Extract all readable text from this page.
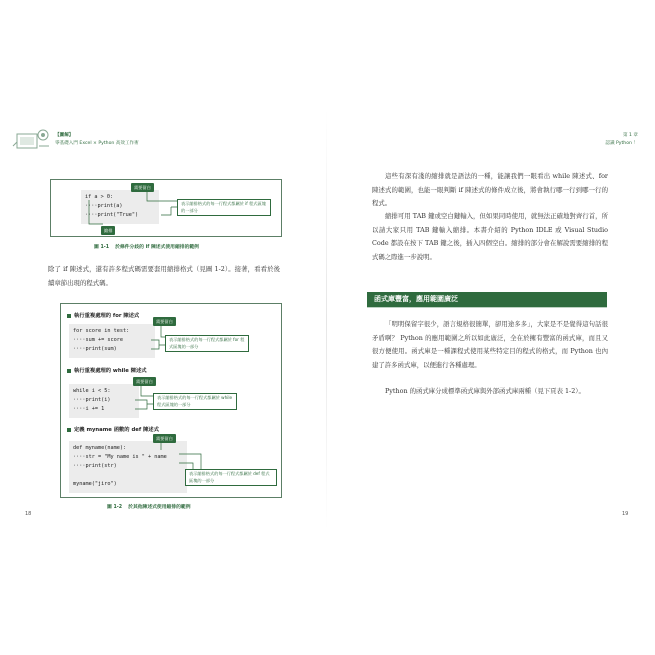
【圖解】
零基礎入門 Excel × Python 高效工作術
if a > 0:
····print(a)
····print("True")
需要留白
縮排
表示縮排格式的每一行程式都屬於 if 程式區塊的一部分
圖 1-1 於條件分歧的 if 陳述式使用縮排的範例
除了 if 陳述式，還有許多程式碼需要套用縮排格式（見圖 1-2）。接著，看看於後續章節出現的程式碼。
執行重複處理的 for 陳述式
for score in test:
····sum += score
····print(sum)
需要留白
表示縮排格式的每一行程式都屬於 for 程式區塊的一部分
執行重複處理的 while 陳述式
while i < 5:
····print(i)
····i += 1
需要留白
表示縮排格式的每一行程式都屬於 while 程式區塊的一部分
定義 myname 函數的 def 陳述式
def myname(name):
····str = "My name is " + name
····print(str)

myname("jiro")
需要留白
表示縮排格式的每一行程式都屬於 def 程式區塊的一部分
圖 1-2 於其他陳述式使用縮排的範例
18
第 1 章
認識 Python ！
這些有深有淺的縮排就是語法的一種，能讓我們一眼看出 while 陳述式、for 陳述式的範圍，也能一眼判斷 if 陳述式的條件成立後，將會執行哪一行到哪一行的程式。
縮排可用 TAB 鍵或空白鍵輸入，但如果同時使用，就無法正確地對齊行首，所以請大家只用 TAB 鍵輸入縮排。本書介紹的 Python IDLE 或 Visual Studio Code 都設在按下 TAB 鍵之後，插入四個空白。縮排的部分會在解說需要縮排的程式碼之際進一步說明。
函式庫豐富，應用範圍廣泛
「明明保留字很少，語言規格很簡單，卻用途多多」，大家是不是覺得這句話很矛盾啊？ Python 的應用範圍之所以如此廣泛，全在於擁有豐富的函式庫，而且又很方便使用。函式庫是一種課程式使用某些特定目的程式的格式，而 Python 也內建了許多函式庫，以便進行各種處理。
Python 的函式庫分成標準函式庫與外部函式庫兩種（見下頁表 1-2）。
19
